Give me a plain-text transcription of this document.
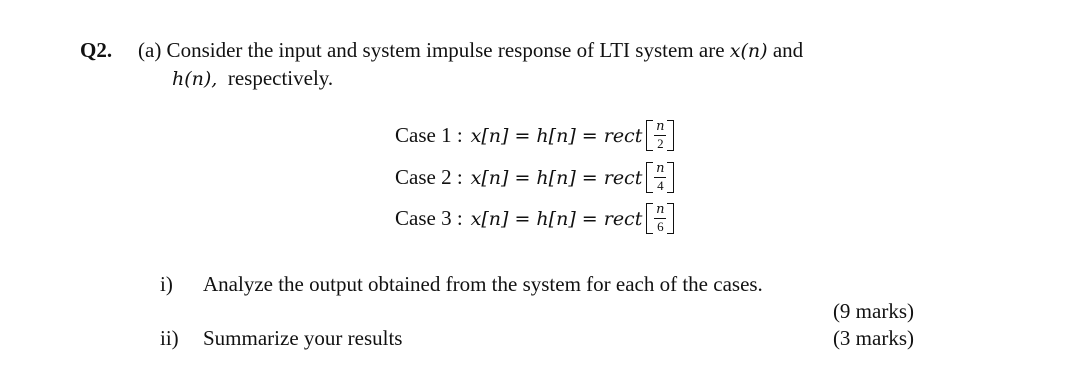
Q2. (a) Consider the input and system impulse response of LTI system are x(n) and
h(n), respectively.
Case 1 : x[n] = h[n] = rect $\frac{n}{2}$
Case 2 : x[n] = h[n] = rect $\frac{n}{4}$
Case 3 : x[n] = h[n] = rect $\frac{n}{6}$
i) Analyze the output obtained from the system for each of the cases.
(9 marks)
ii) Summarize your results	(3 marks)
